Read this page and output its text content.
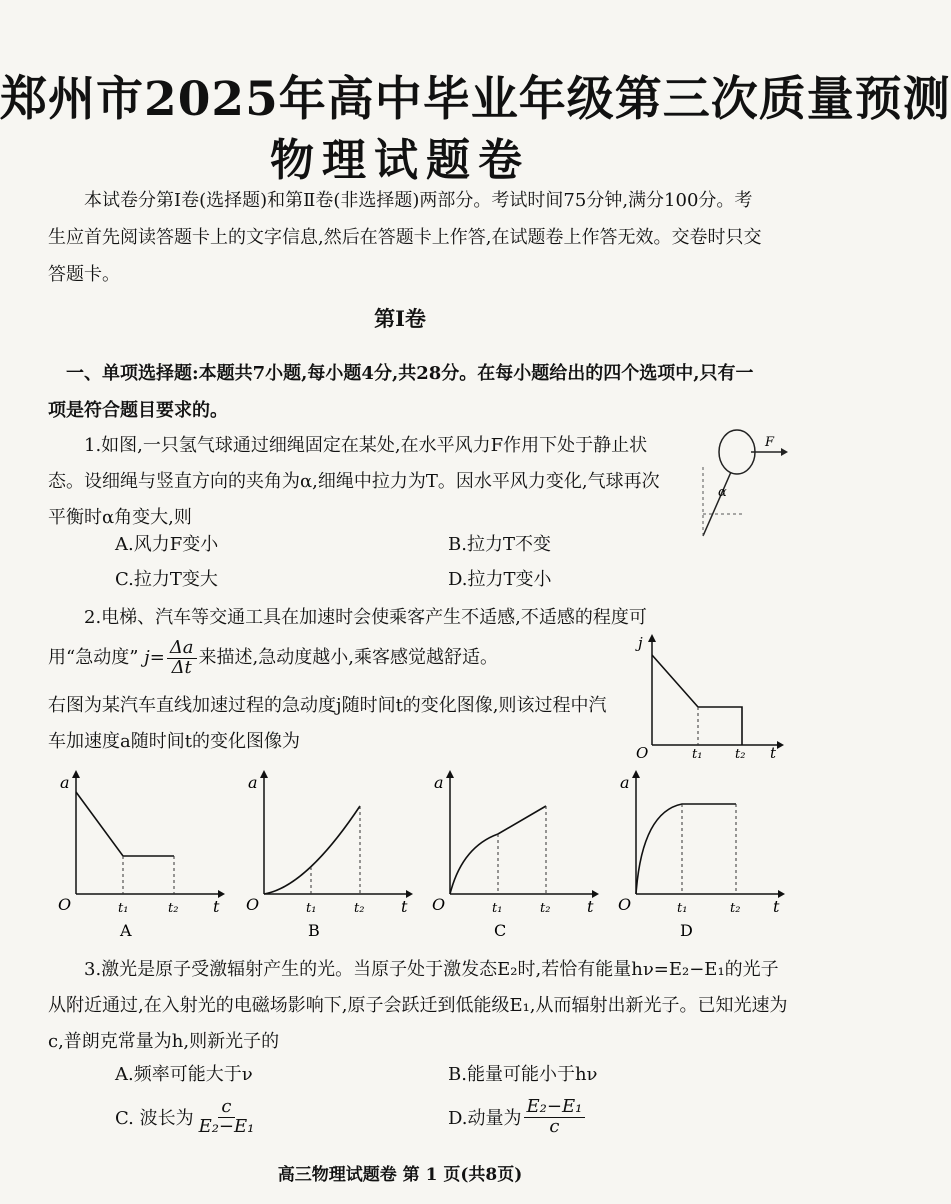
郑州市2025年高中毕业年级第三次质量预测
物理试题卷

本试卷分第Ⅰ卷(选择题)和第Ⅱ卷(非选择题)两部分。考试时间75分钟,满分100分。考生应首先阅读答题卡上的文字信息,然后在答题卡上作答,在试题卷上作答无效。交卷时只交答题卡。

第Ⅰ卷

一、单项选择题:本题共7小题,每小题4分,共28分。在每小题给出的四个选项中,只有一项是符合题目要求的。

1.如图,一只氢气球通过细绳固定在某处,在水平风力F作用下处于静止状态。设细绳与竖直方向的夹角为α,细绳中拉力为T。因水平风力变化,气球再次平衡时α角变大,则

A.风力F变小	B.拉力T不变
C.拉力T变大	D.拉力T变小
α
F

2.电梯、汽车等交通工具在加速时会使乘客产生不适感,不适感的程度可

用“急动度” $j= \frac{\Delta a}{\Delta t}$ 来描述,急动度越小,乘客感觉越舒适。

右图为某汽车直线加速过程的急动度j随时间t的变化图像,则该过程中汽车加速度a随时间t的变化图像为

j
O	t₁	t₂ t
a
O	t₁	t₂ t
A
a
O	t₁	t₂ t
B
a
O	t₁	t₂ t
C
a
O	t₁	t₂ t
D

3.激光是原子受激辐射产生的光。当原子处于激发态E₂时,若恰有能量hν=E₂−E₁的光子从附近通过,在入射光的电磁场影响下,原子会跃迁到低能级E₁,从而辐射出新光子。已知光速为c,普朗克常量为h,则新光子的

A.频率可能大于ν	B.能量可能小于hν
C. 波长为 $\frac{c}{\text{E₂−E₁}}$	D.动量为 $\frac{\text{E₂−E₁}}{c}$
高三物理试题卷 第 1 页(共8页)
